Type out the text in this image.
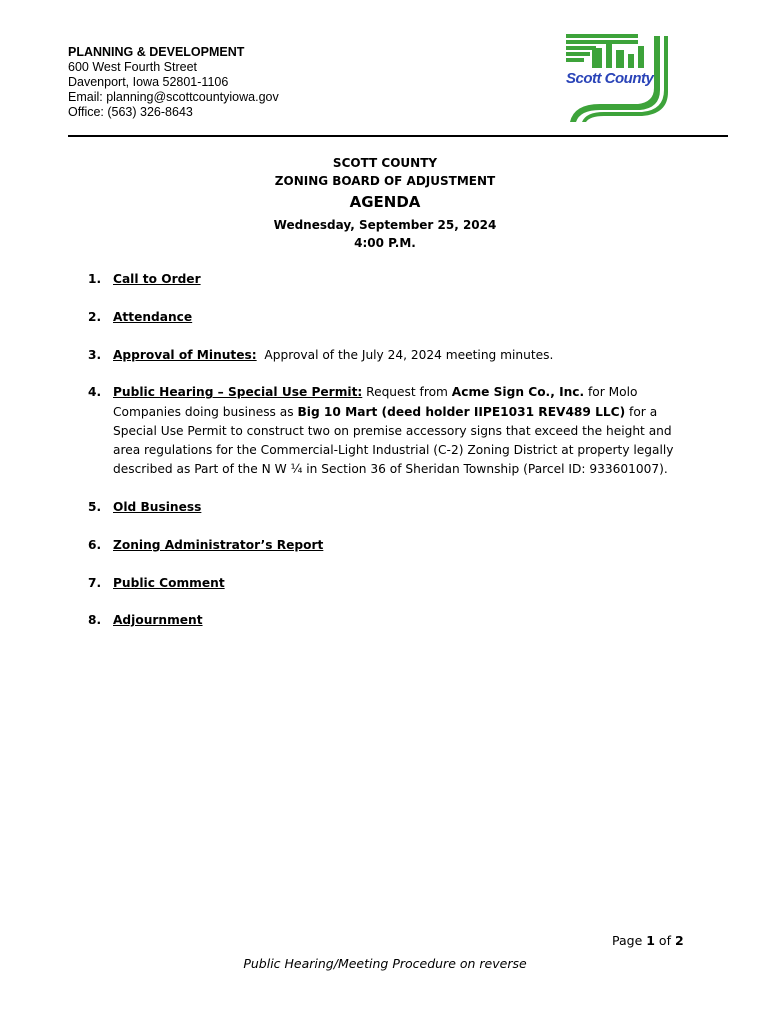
PLANNING & DEVELOPMENT
600 West Fourth Street
Davenport, Iowa 52801-1106
Email: planning@scottcountyiowa.gov
Office: (563) 326-8643
Scott County
SCOTT COUNTY
ZONING BOARD OF ADJUSTMENT
AGENDA
Wednesday, September 25, 2024
4:00 P.M.
1. Call to Order
2. Attendance
3. Approval of Minutes:  Approval of the July 24, 2024 meeting minutes.
4. Public Hearing – Special Use Permit: Request from Acme Sign Co., Inc. for Molo Companies doing business as Big 10 Mart (deed holder IIPE1031 REV489 LLC) for a Special Use Permit to construct two on premise accessory signs that exceed the height and area regulations for the Commercial-Light Industrial (C-2) Zoning District at property legally described as Part of the N W ¼ in Section 36 of Sheridan Township (Parcel ID: 933601007).
5. Old Business
6. Zoning Administrator’s Report
7. Public Comment
8. Adjournment
Page 1 of 2
Public Hearing/Meeting Procedure on reverse
